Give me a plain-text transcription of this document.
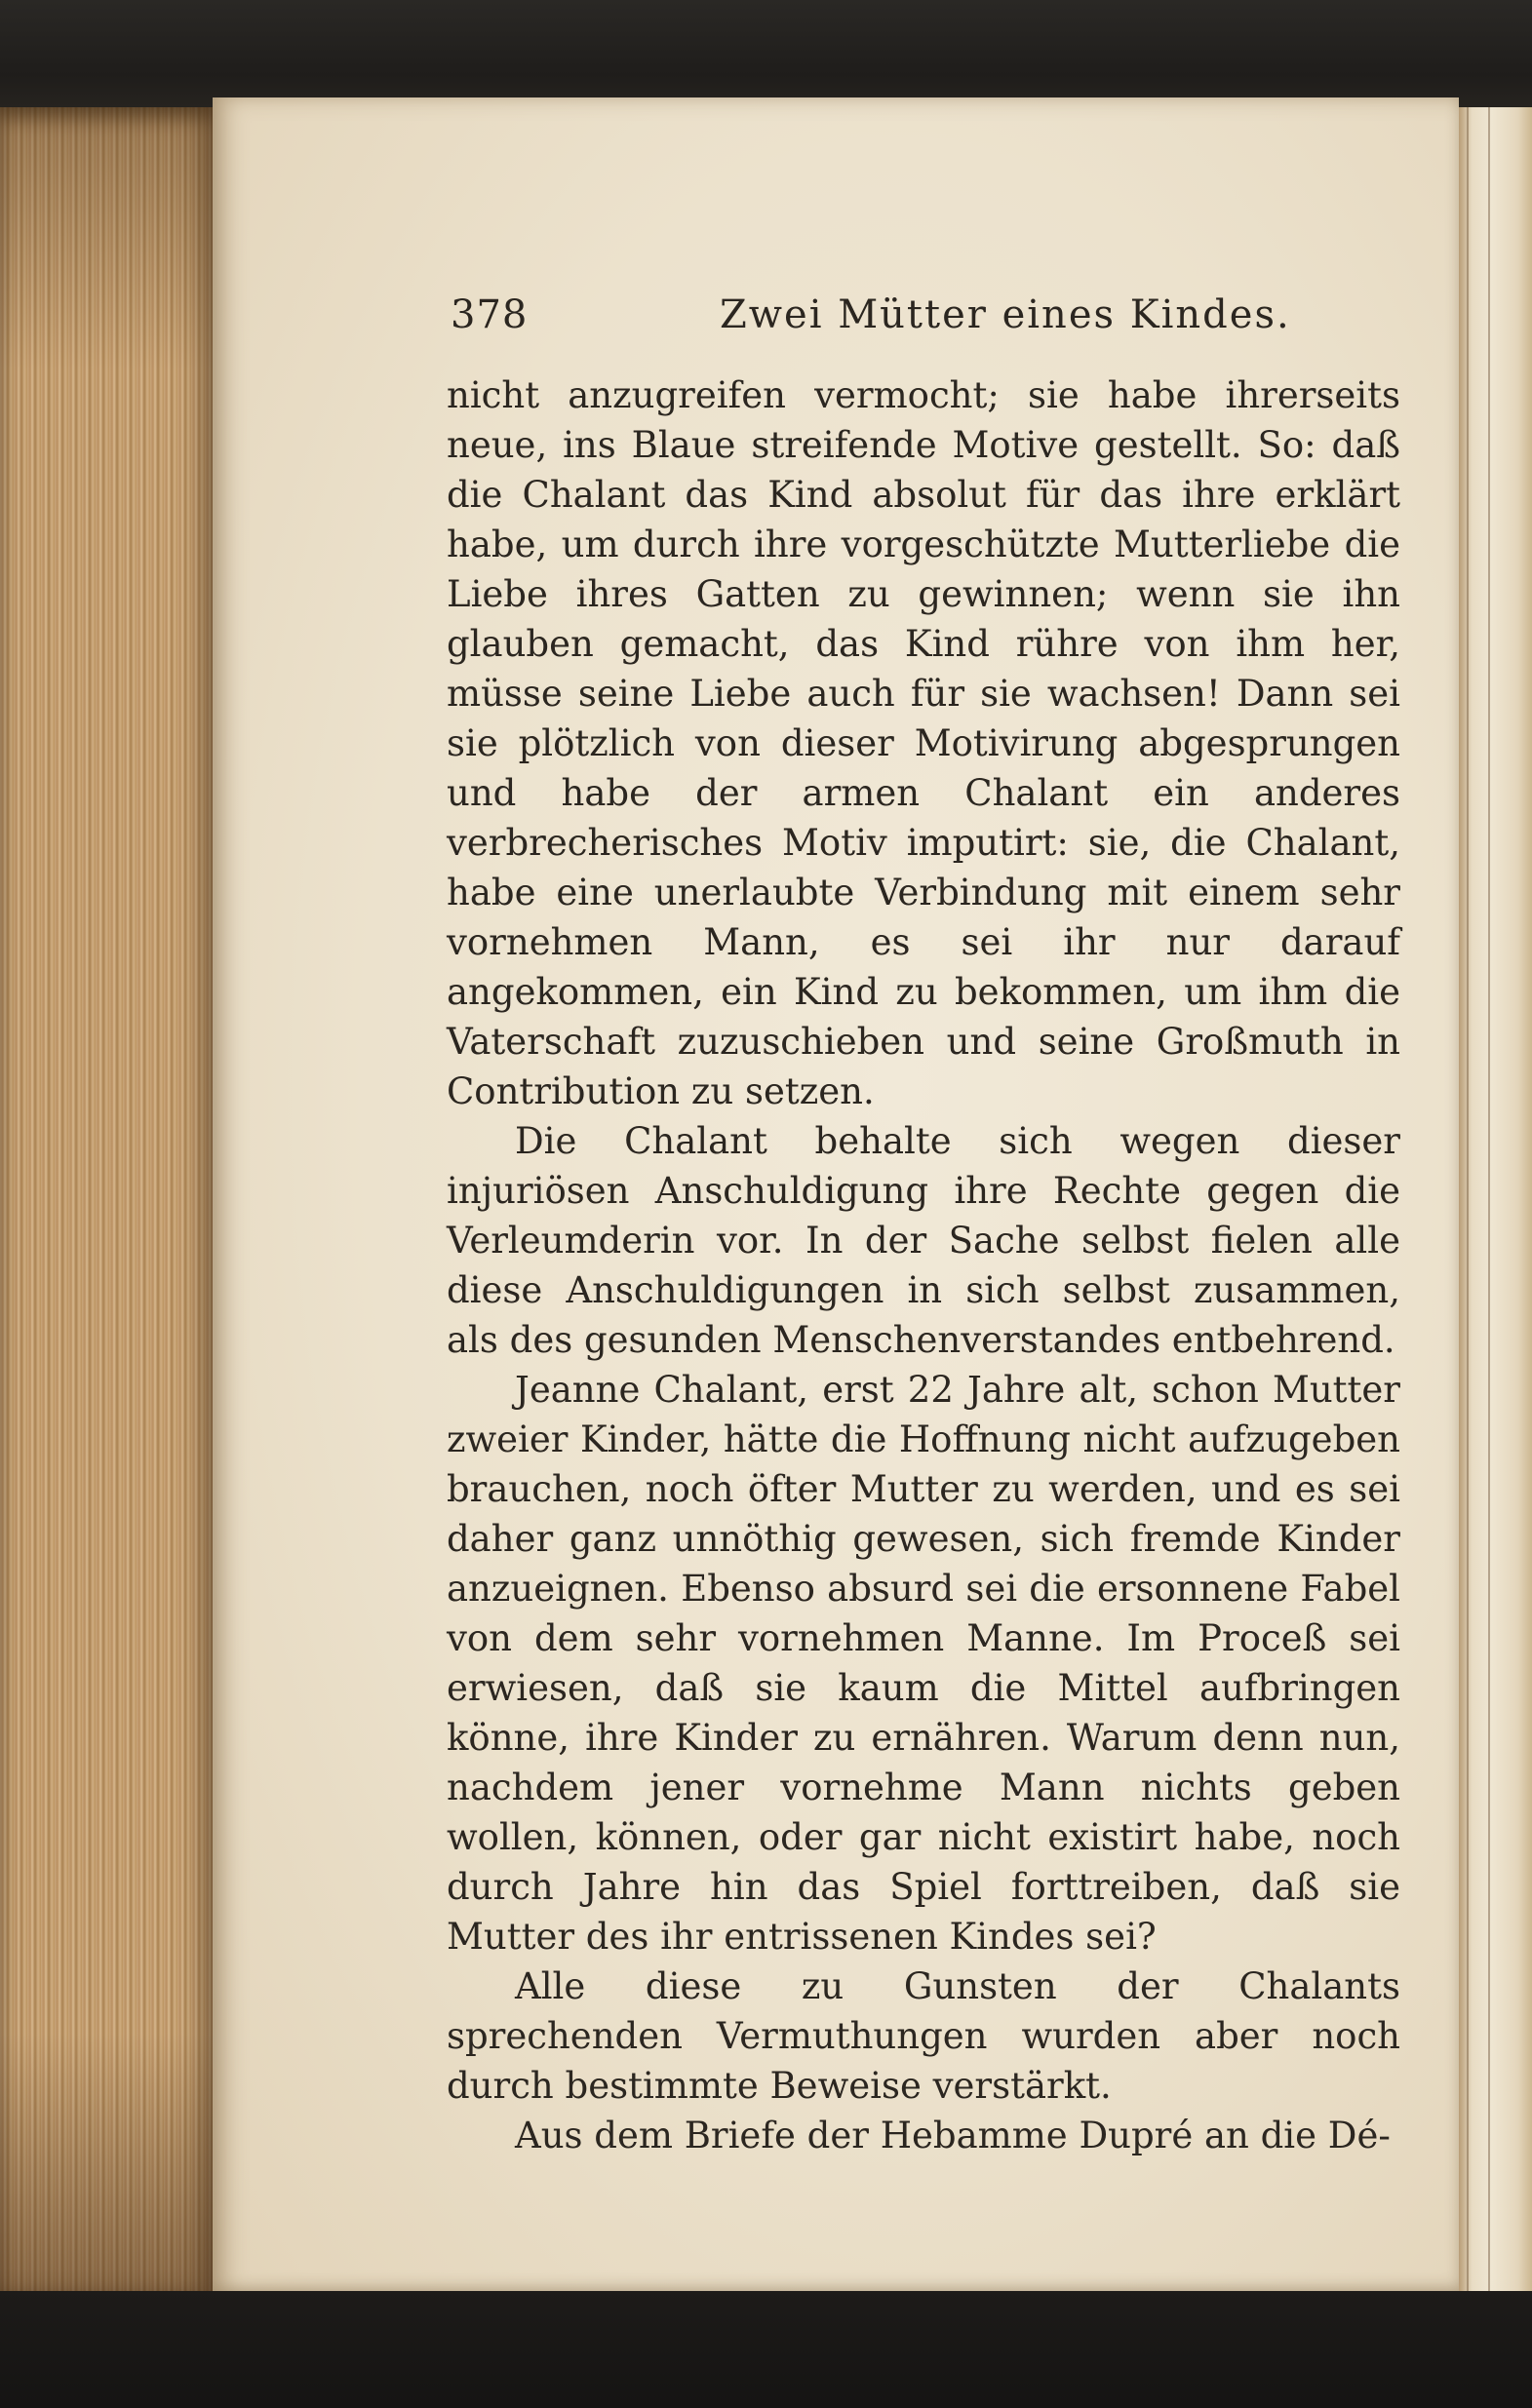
378	Zwei Mütter eines Kindes.

nicht anzugreifen vermocht; sie habe ihrerseits neue, ins Blaue streifende Motive gestellt. So: daß die Chalant das Kind absolut für das ihre erklärt habe, um durch ihre vorgeschützte Mutterliebe die Liebe ihres Gatten zu gewinnen; wenn sie ihn glauben gemacht, das Kind rühre von ihm her, müsse seine Liebe auch für sie wachsen! Dann sei sie plötzlich von dieser Motivirung abgesprungen und habe der armen Chalant ein anderes verbrecherisches Motiv imputirt: sie, die Chalant, habe eine unerlaubte Verbindung mit einem sehr vornehmen Mann, es sei ihr nur darauf angekommen, ein Kind zu bekommen, um ihm die Vaterschaft zuzuschieben und seine Großmuth in Contribution zu setzen.

Die Chalant behalte sich wegen dieser injuriösen Anschuldigung ihre Rechte gegen die Verleumderin vor. In der Sache selbst fielen alle diese Anschuldigungen in sich selbst zusammen, als des gesunden Menschenverstandes entbehrend.

Jeanne Chalant, erst 22 Jahre alt, schon Mutter zweier Kinder, hätte die Hoffnung nicht aufzugeben brauchen, noch öfter Mutter zu werden, und es sei daher ganz unnöthig gewesen, sich fremde Kinder anzueignen. Ebenso absurd sei die ersonnene Fabel von dem sehr vornehmen Manne. Im Proceß sei erwiesen, daß sie kaum die Mittel aufbringen könne, ihre Kinder zu ernähren. Warum denn nun, nachdem jener vornehme Mann nichts geben wollen, können, oder gar nicht existirt habe, noch durch Jahre hin das Spiel forttreiben, daß sie Mutter des ihr entrissenen Kindes sei?

Alle diese zu Gunsten der Chalants sprechenden Vermuthungen wurden aber noch durch bestimmte Beweise verstärkt.

Aus dem Briefe der Hebamme Dupré an die Dé-
